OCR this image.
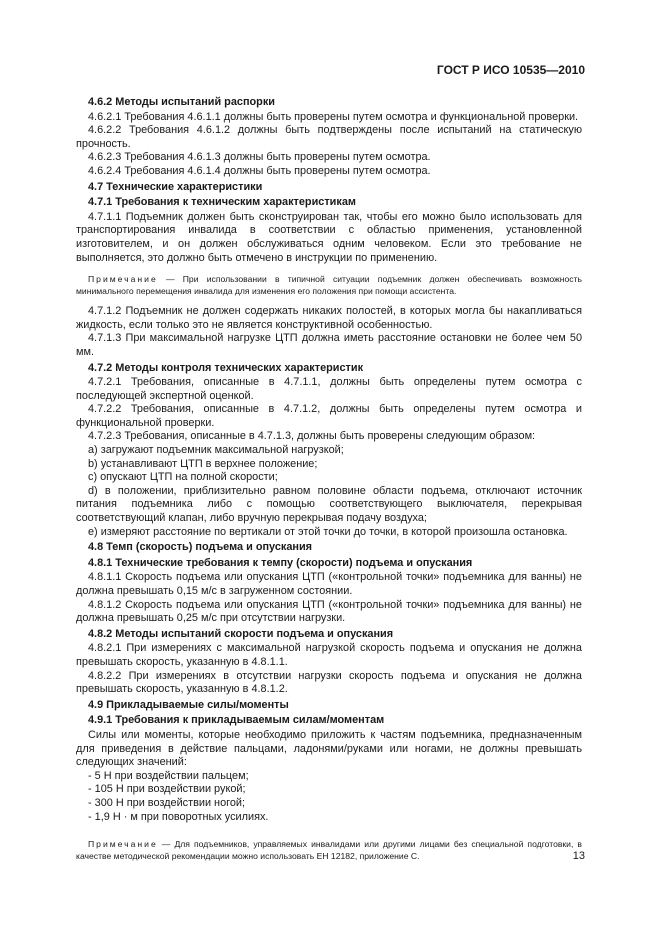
ГОСТ Р ИСО 10535—2010

4.6.2 Методы испытаний распорки

4.6.2.1 Требования 4.6.1.1 должны быть проверены путем осмотра и функциональной проверки.

4.6.2.2 Требования 4.6.1.2 должны быть подтверждены после испытаний на статическую прочность.

4.6.2.3 Требования 4.6.1.3 должны быть проверены путем осмотра.

4.6.2.4 Требования 4.6.1.4 должны быть проверены путем осмотра.

4.7 Технические характеристики

4.7.1 Требования к техническим характеристикам

4.7.1.1 Подъемник должен быть сконструирован так, чтобы его можно было использовать для транспортирования инвалида в соответствии с областью применения, установленной изготовителем, и он должен обслуживаться одним человеком. Если это требование не выполняется, это должно быть отмечено в инструкции по применению.

Примечание — При использовании в типичной ситуации подъемник должен обеспечивать возможность минимального перемещения инвалида для изменения его положения при помощи ассистента.

4.7.1.2 Подъемник не должен содержать никаких полостей, в которых могла бы накапливаться жидкость, если только это не является конструктивной особенностью.

4.7.1.3 При максимальной нагрузке ЦТП должна иметь расстояние остановки не более чем 50 мм.

4.7.2 Методы контроля технических характеристик

4.7.2.1 Требования, описанные в 4.7.1.1, должны быть определены путем осмотра с последующей экспертной оценкой.

4.7.2.2 Требования, описанные в 4.7.1.2, должны быть определены путем осмотра и функциональной проверки.

4.7.2.3 Требования, описанные в 4.7.1.3, должны быть проверены следующим образом:

a) загружают подъемник максимальной нагрузкой;

b) устанавливают ЦТП в верхнее положение;

c) опускают ЦТП на полной скорости;

d) в положении, приблизительно равном половине области подъема, отключают источник питания подъемника либо с помощью соответствующего выключателя, перекрывая соответствующий клапан, либо вручную перекрывая подачу воздуха;

e) измеряют расстояние по вертикали от этой точки до точки, в которой произошла остановка.

4.8 Темп (скорость) подъема и опускания

4.8.1 Технические требования к темпу (скорости) подъема и опускания

4.8.1.1 Скорость подъема или опускания ЦТП («контрольной точки» подъемника для ванны) не должна превышать 0,15 м/с в загруженном состоянии.

4.8.1.2 Скорость подъема или опускания ЦТП («контрольной точки» подъемника для ванны) не должна превышать 0,25 м/с при отсутствии нагрузки.

4.8.2 Методы испытаний скорости подъема и опускания

4.8.2.1 При измерениях с максимальной нагрузкой скорость подъема и опускания не должна превышать скорость, указанную в 4.8.1.1.

4.8.2.2 При измерениях в отсутствии нагрузки скорость подъема и опускания не должна превышать скорость, указанную в 4.8.1.2.

4.9 Прикладываемые силы/моменты

4.9.1 Требования к прикладываемым силам/моментам

Силы или моменты, которые необходимо приложить к частям подъемника, предназначенным для приведения в действие пальцами, ладонями/руками или ногами, не должны превышать следующих значений:

- 5 Н при воздействии пальцем;

- 105 Н при воздействии рукой;

- 300 Н при воздействии ногой;

- 1,9 Н · м при поворотных усилиях.

Примечание — Для подъемников, управляемых инвалидами или другими лицами без специальной подготовки, в качестве методической рекомендации можно использовать ЕН 12182, приложение С.	13
